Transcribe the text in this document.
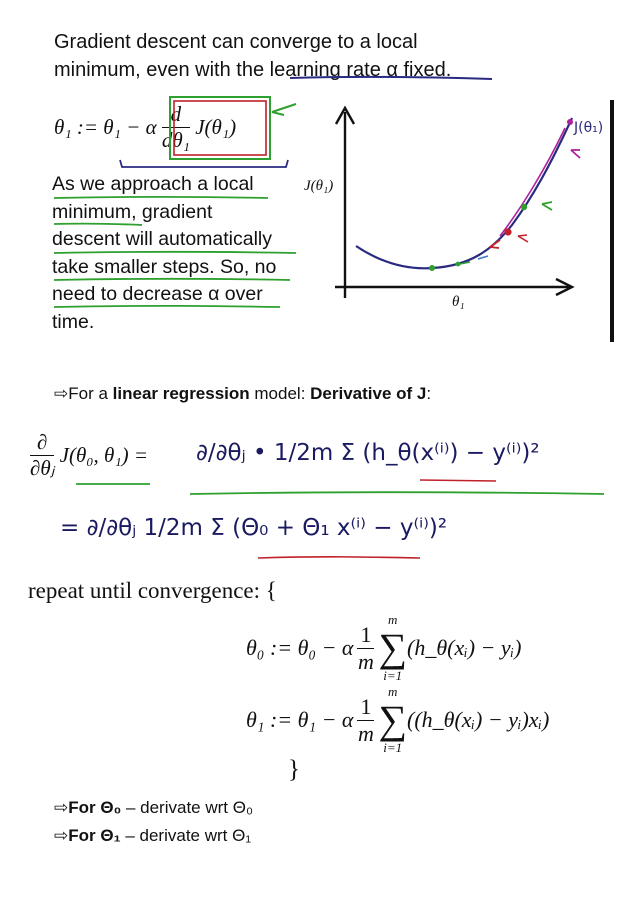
Gradient descent can converge to a local
minimum, even with the learning rate α fixed.
θ₁ := θ₁ − α $\frac{d}{\text{dθ₁}} J(\theta_1)$
As we approach a local
minimum, gradient
descent will automatically
take smaller steps. So, no
need to decrease α over
time.
J(θ₁)
θ₁
J(θ₁)
⇨For a linear regression model: Derivative of J:
$\frac{\partial}{\text{∂θⱼ}} J(\theta_0$, θ₁) = ∂/∂θⱼ • 1/2m Σ (h_θ(x⁽ⁱ⁾) − y⁽ⁱ⁾)²
= ∂/∂θⱼ 1/2m Σ (Θ₀ + Θ₁ x⁽ⁱ⁾ − y⁽ⁱ⁾)²
repeat until convergence: {
θ₀ := θ₀ − α $\frac{1}{m}$
m
∑
i=1
(h_θ(xᵢ) − yᵢ)
θ₁ := θ₁ − α $\frac{1}{m}$
m
∑
i=1
((h_θ(xᵢ) − yᵢ)xᵢ)
}
⇨For Θ₀ – derivate wrt Θ₀
⇨For Θ₁ – derivate wrt Θ₁
